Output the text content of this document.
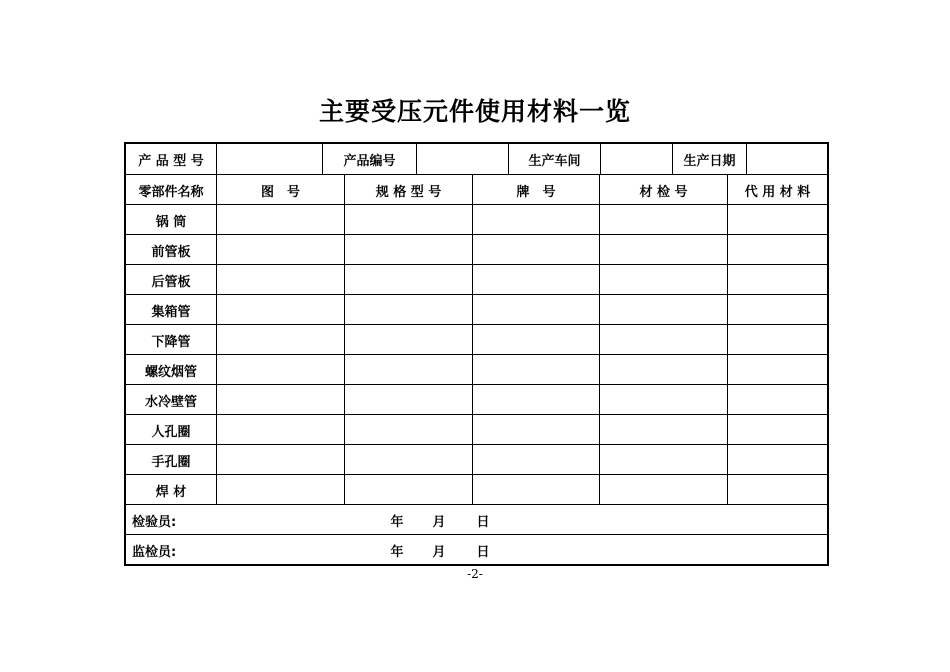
主要受压元件使用材料一览
产 品 型 号	产品编号	生产车间	生产日期
零部件名称	图　号	规 格 型 号	牌　号	材 检 号	代 用 材 料
锅 筒
前管板
后管板
集箱管
下降管
螺纹烟管
水冷壁管
人孔圈
手孔圈
焊 材
检验员:	年	月	日
监检员:	年	月	日
-2-
